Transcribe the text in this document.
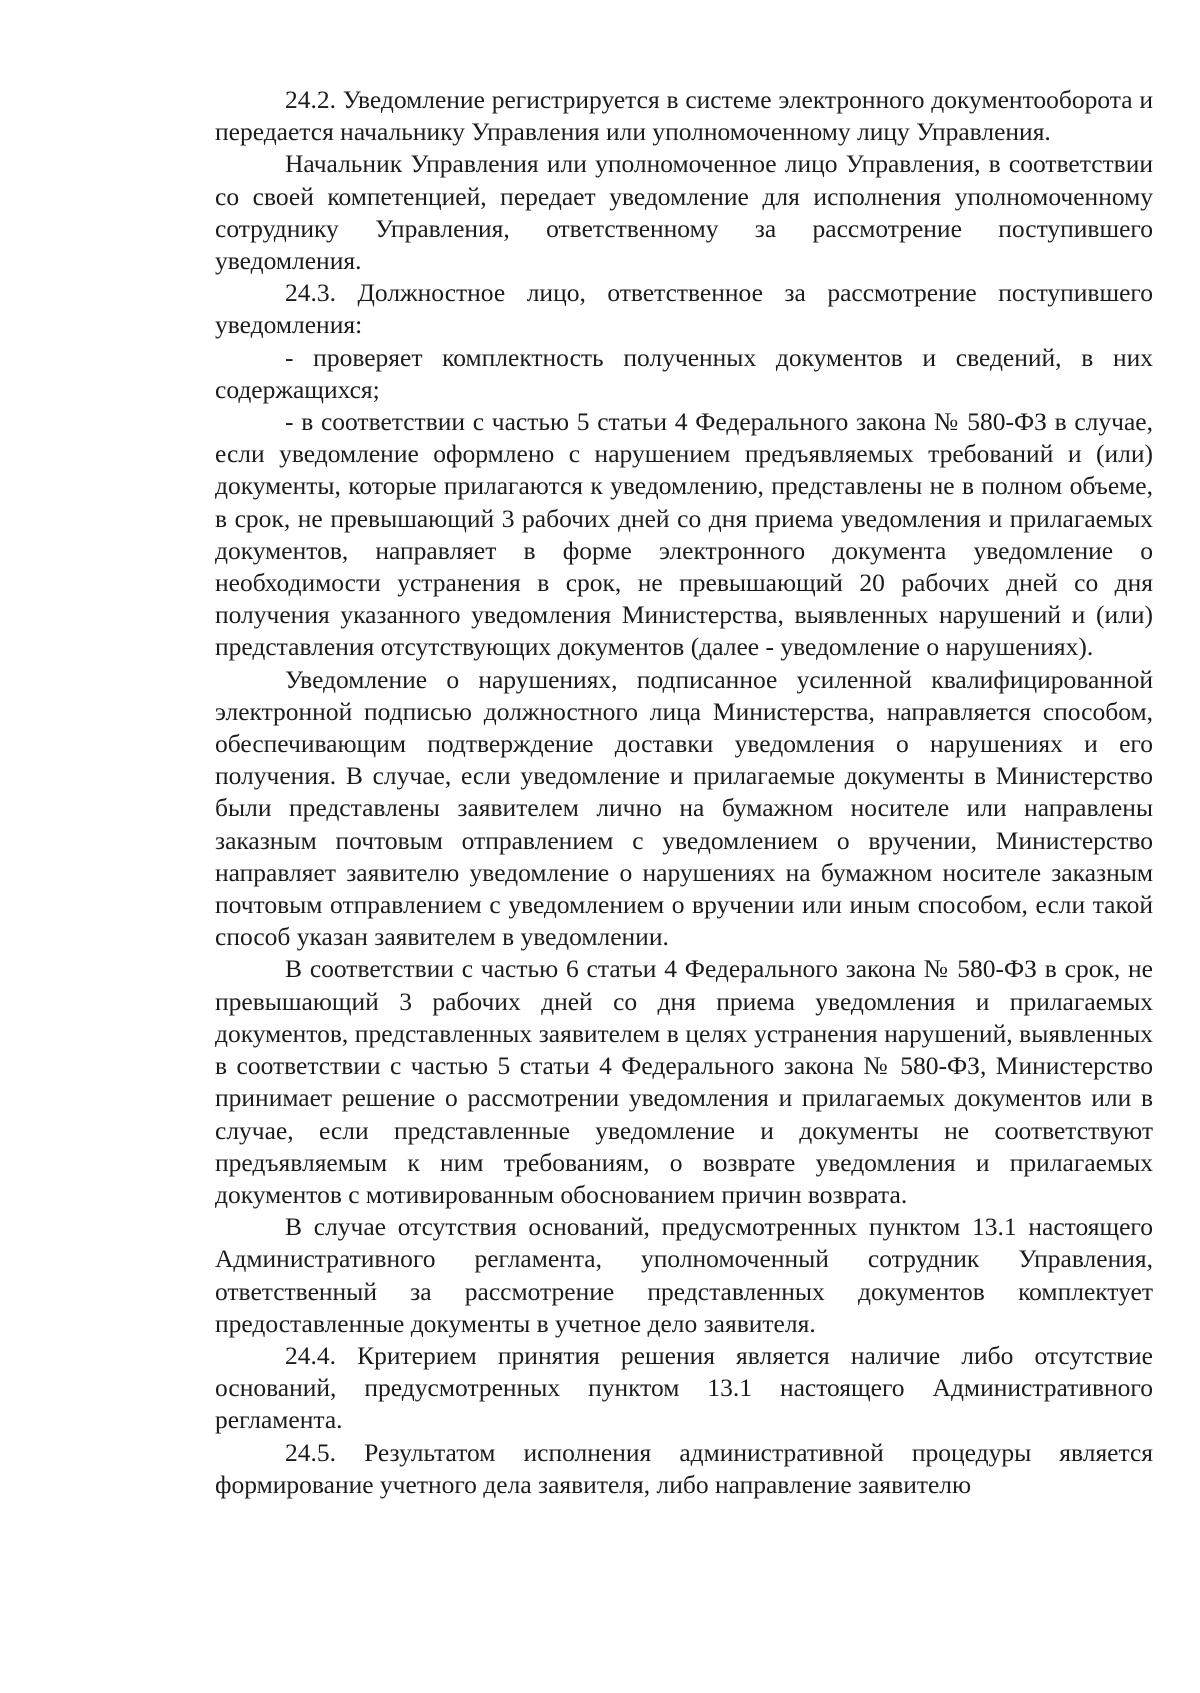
24.2. Уведомление регистрируется в системе электронного документооборота и передается начальнику Управления или уполномоченному лицу Управления.

Начальник Управления или уполномоченное лицо Управления, в соответствии со своей компетенцией, передает уведомление для исполнения уполномоченному сотруднику Управления, ответственному за рассмотрение поступившего уведомления.

24.3. Должностное лицо, ответственное за рассмотрение поступившего уведомления:

- проверяет комплектность полученных документов и сведений, в них содержащихся;

- в соответствии с частью 5 статьи 4 Федерального закона № 580-ФЗ в случае, если уведомление оформлено с нарушением предъявляемых требований и (или) документы, которые прилагаются к уведомлению, представлены не в полном объеме, в срок, не превышающий 3 рабочих дней со дня приема уведомления и прилагаемых документов, направляет в форме электронного документа уведомление о необходимости устранения в срок, не превышающий 20 рабочих дней со дня получения указанного уведомления Министерства, выявленных нарушений и (или) представления отсутствующих документов (далее - уведомление о нарушениях).

Уведомление о нарушениях, подписанное усиленной квалифицированной электронной подписью должностного лица Министерства, направляется способом, обеспечивающим подтверждение доставки уведомления о нарушениях и его получения. В случае, если уведомление и прилагаемые документы в Министерство были представлены заявителем лично на бумажном носителе или направлены заказным почтовым отправлением с уведомлением о вручении, Министерство направляет заявителю уведомление о нарушениях на бумажном носителе заказным почтовым отправлением с уведомлением о вручении или иным способом, если такой способ указан заявителем в уведомлении.

В соответствии с частью 6 статьи 4 Федерального закона № 580-ФЗ в срок, не превышающий 3 рабочих дней со дня приема уведомления и прилагаемых документов, представленных заявителем в целях устранения нарушений, выявленных в соответствии с частью 5 статьи 4 Федерального закона № 580-ФЗ, Министерство принимает решение о рассмотрении уведомления и прилагаемых документов или в случае, если представленные уведомление и документы не соответствуют предъявляемым к ним требованиям, о возврате уведомления и прилагаемых документов с мотивированным обоснованием причин возврата.

В случае отсутствия оснований, предусмотренных пунктом 13.1 настоящего Административного регламента, уполномоченный сотрудник Управления, ответственный за рассмотрение представленных документов комплектует предоставленные документы в учетное дело заявителя.

24.4. Критерием принятия решения является наличие либо отсутствие оснований, предусмотренных пунктом 13.1 настоящего Административного регламента.

24.5. Результатом исполнения административной процедуры является формирование учетного дела заявителя, либо направление заявителю
